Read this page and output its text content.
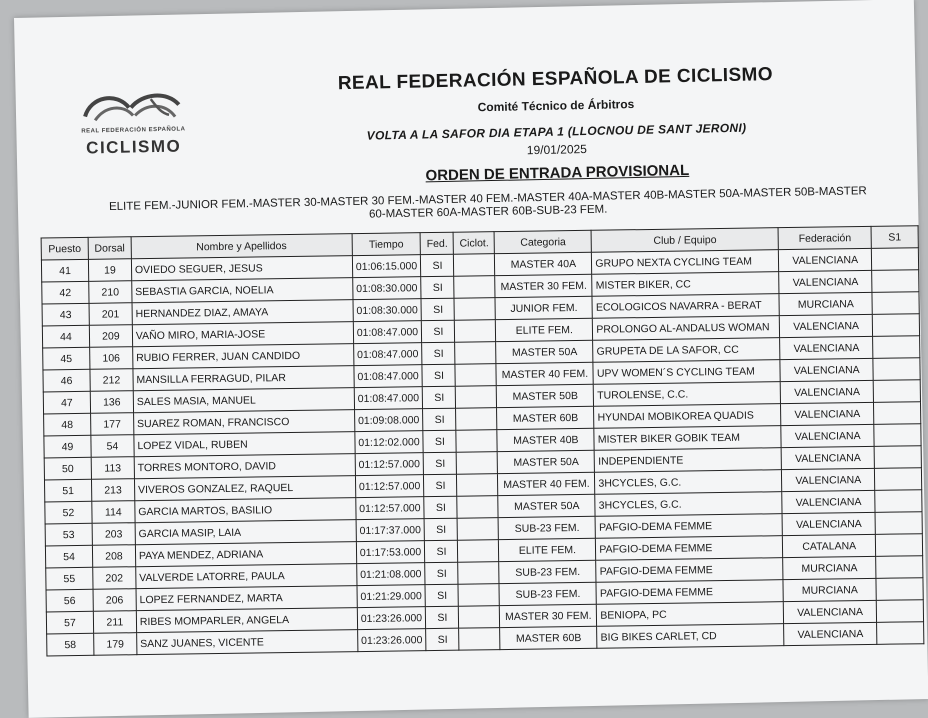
REAL FEDERACIÓN ESPAÑOLA
CICLISMO
REAL FEDERACIÓN ESPAÑOLA DE CICLISMO
Comité Técnico de Árbitros
VOLTA A LA SAFOR DIA ETAPA 1 (LLOCNOU DE SANT JERONI)
19/01/2025
ORDEN DE ENTRADA PROVISIONAL
ELITE FEM.-JUNIOR FEM.-MASTER 30-MASTER 30 FEM.-MASTER 40 FEM.-MASTER 40A-MASTER 40B-MASTER 50A-MASTER 50B-MASTER 60-MASTER 60A-MASTER 60B-SUB-23 FEM.
Puesto	Dorsal	Nombre y Apellidos	Tiempo	Fed.	Ciclot.	Categoria	Club / Equipo	Federación	S1
41	19	OVIEDO SEGUER, JESUS	01:06:15.000	SI		MASTER 40A	GRUPO NEXTA CYCLING TEAM	VALENCIANA	
42	210	SEBASTIA GARCIA, NOELIA	01:08:30.000	SI		MASTER 30 FEM.	MISTER BIKER, CC	VALENCIANA	
43	201	HERNANDEZ DIAZ, AMAYA	01:08:30.000	SI		JUNIOR FEM.	ECOLOGICOS NAVARRA - BERAT	MURCIANA	
44	209	VAÑO MIRO, MARIA-JOSE	01:08:47.000	SI		ELITE FEM.	PROLONGO AL-ANDALUS WOMAN	VALENCIANA	
45	106	RUBIO FERRER, JUAN CANDIDO	01:08:47.000	SI		MASTER 50A	GRUPETA DE LA SAFOR, CC	VALENCIANA	
46	212	MANSILLA FERRAGUD, PILAR	01:08:47.000	SI		MASTER 40 FEM.	UPV WOMEN´S CYCLING TEAM	VALENCIANA	
47	136	SALES MASIA, MANUEL	01:08:47.000	SI		MASTER 50B	TUROLENSE, C.C.	VALENCIANA	
48	177	SUAREZ ROMAN, FRANCISCO	01:09:08.000	SI		MASTER 60B	HYUNDAI MOBIKOREA QUADIS	VALENCIANA	
49	54	LOPEZ VIDAL, RUBEN	01:12:02.000	SI		MASTER 40B	MISTER BIKER GOBIK TEAM	VALENCIANA	
50	113	TORRES MONTORO, DAVID	01:12:57.000	SI		MASTER 50A	INDEPENDIENTE	VALENCIANA	
51	213	VIVEROS GONZALEZ, RAQUEL	01:12:57.000	SI		MASTER 40 FEM.	3HCYCLES, G.C.	VALENCIANA	
52	114	GARCIA MARTOS, BASILIO	01:12:57.000	SI		MASTER 50A	3HCYCLES, G.C.	VALENCIANA	
53	203	GARCIA MASIP, LAIA	01:17:37.000	SI		SUB-23 FEM.	PAFGIO-DEMA FEMME	VALENCIANA	
54	208	PAYA MENDEZ, ADRIANA	01:17:53.000	SI		ELITE FEM.	PAFGIO-DEMA FEMME	CATALANA	
55	202	VALVERDE LATORRE, PAULA	01:21:08.000	SI		SUB-23 FEM.	PAFGIO-DEMA FEMME	MURCIANA	
56	206	LOPEZ FERNANDEZ, MARTA	01:21:29.000	SI		SUB-23 FEM.	PAFGIO-DEMA FEMME	MURCIANA	
57	211	RIBES MOMPARLER, ANGELA	01:23:26.000	SI		MASTER 30 FEM.	BENIOPA, PC	VALENCIANA	
58	179	SANZ JUANES, VICENTE	01:23:26.000	SI		MASTER 60B	BIG BIKES CARLET, CD	VALENCIANA	
